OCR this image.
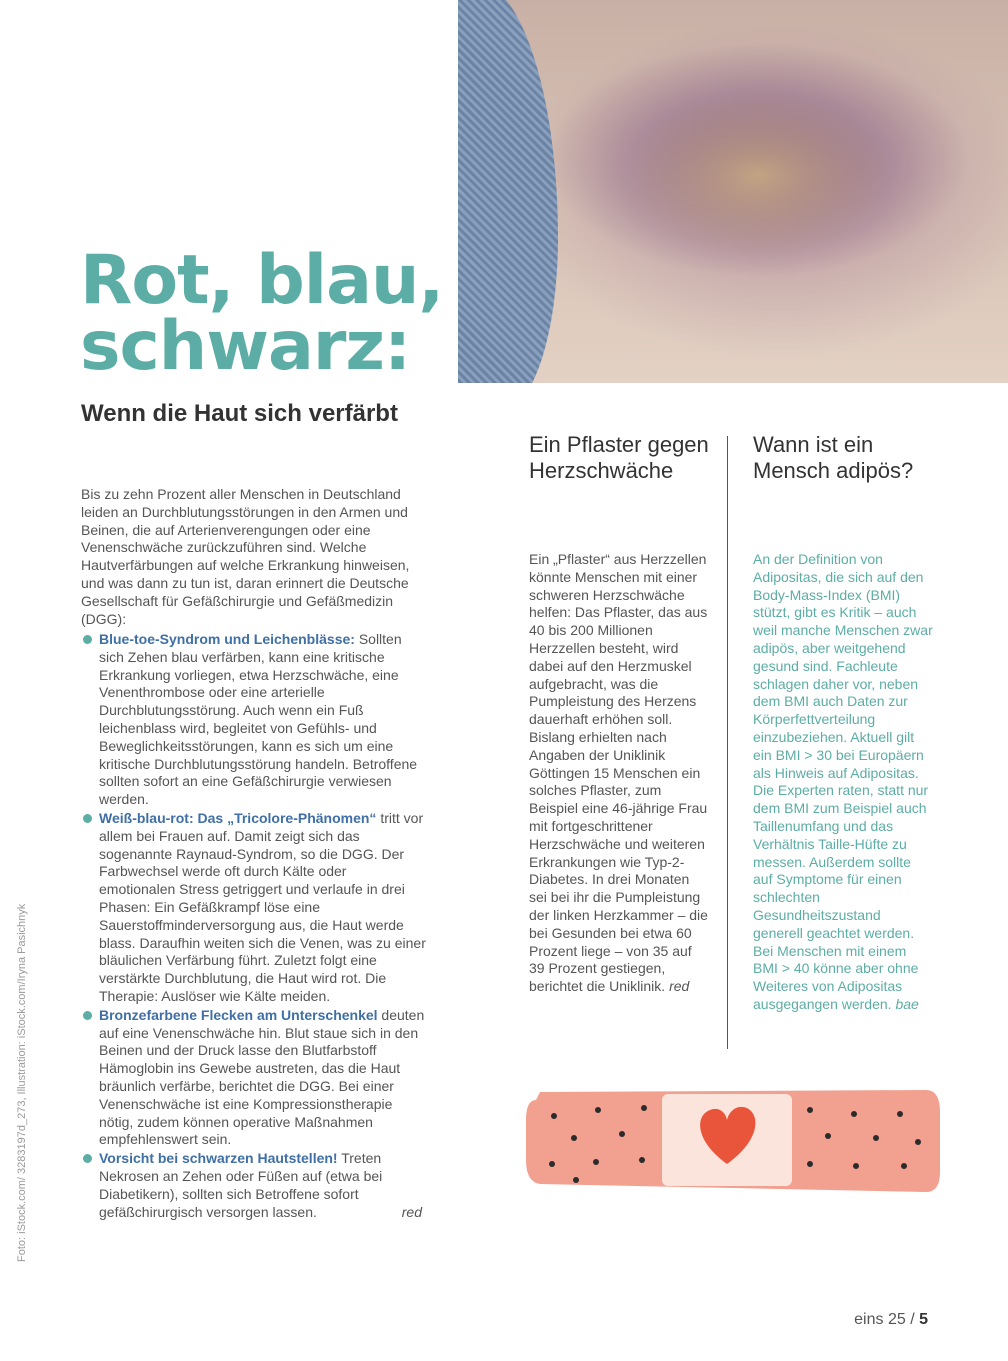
Rot, blau,
schwarz:
Wenn die Haut sich verfärbt

Bis zu zehn Prozent aller Menschen in Deutschland leiden an Durchblutungsstörungen in den Armen und Beinen, die auf Arterienverengungen oder eine Venenschwäche zurückzuführen sind. Welche Hautverfärbungen auf welche Erkrankung hinweisen, und was dann zu tun ist, daran erinnert die Deutsche Gesellschaft für Gefäßchirurgie und Gefäßmedizin (DGG):

Blue-toe-Syndrom und Leichenblässe: Sollten sich Zehen blau verfärben, kann eine kritische Erkrankung vorliegen, etwa Herzschwäche, eine Venenthrombose oder eine arterielle Durchblutungsstörung. Auch wenn ein Fuß leichenblass wird, begleitet von Gefühls- und Beweglichkeitsstörungen, kann es sich um eine kritische Durchblutungsstörung handeln. Betroffene sollten sofort an eine Gefäßchirurgie verwiesen werden.
Weiß-blau-rot: Das „Tricolore-Phänomen“ tritt vor allem bei Frauen auf. Damit zeigt sich das sogenannte Raynaud-Syndrom, so die DGG. Der Farbwechsel werde oft durch Kälte oder emotionalen Stress getriggert und verlaufe in drei Phasen: Ein Gefäßkrampf löse eine Sauerstoffminderversorgung aus, die Haut werde blass. Daraufhin weiten sich die Venen, was zu einer bläulichen Verfärbung führt. Zuletzt folgt eine verstärkte Durchblutung, die Haut wird rot. Die Therapie: Auslöser wie Kälte meiden.
Bronzefarbene Flecken am Unterschenkel deuten auf eine Venenschwäche hin. Blut staue sich in den Beinen und der Druck lasse den Blutfarbstoff Hämoglobin ins Gewebe austreten, das die Haut bräunlich verfärbe, berichtet die DGG. Bei einer Venenschwäche ist eine Kompressionstherapie nötig, zudem können operative Maßnahmen empfehlenswert sein.
Vorsicht bei schwarzen Hautstellen! Treten Nekrosen an Zehen oder Füßen auf (etwa bei Diabetikern), sollten sich Betroffene sofort gefäßchirurgisch versorgen lassen.	red
Foto: iStock.com/ 3283197d_273, Illustration: iStock.com/Iryna Pasichnyk
Ein Pflaster gegen Herzschwäche

Ein „Pflaster“ aus Herzzellen könnte Menschen mit einer schweren Herzschwäche helfen: Das Pflaster, das aus 40 bis 200 Millionen Herzzellen besteht, wird dabei auf den Herzmuskel aufgebracht, was die Pumpleistung des Herzens dauerhaft erhöhen soll. Bislang erhielten nach Angaben der Uniklinik Göttingen 15 Menschen ein solches Pflaster, zum Beispiel eine 46-jährige Frau mit fortgeschrittener Herzschwäche und weiteren Erkrankungen wie Typ-2-Diabetes. In drei Monaten sei bei ihr die Pumpleistung der linken Herzkammer – die bei Gesunden bei etwa 60 Prozent liege – von 35 auf 39 Prozent gestiegen, berichtet die Uniklinik. red

Wann ist ein Mensch adipös?

An der Definition von Adipositas, die sich auf den Body-Mass-Index (BMI) stützt, gibt es Kritik – auch weil manche Menschen zwar adipös, aber weitgehend gesund sind. Fachleute schlagen daher vor, neben dem BMI auch Daten zur Körperfettverteilung einzubeziehen. Aktuell gilt ein BMI > 30 bei Europäern als Hinweis auf Adipositas. Die Experten raten, statt nur dem BMI zum Beispiel auch Taillenumfang und das Verhältnis Taille-Hüfte zu messen. Außerdem sollte auf Symptome für einen schlechten Gesundheitszustand generell geachtet werden. Bei Menschen mit einem BMI > 40 könne aber ohne Weiteres von Adipositas ausgegangen werden. bae

eins 25 / 5
